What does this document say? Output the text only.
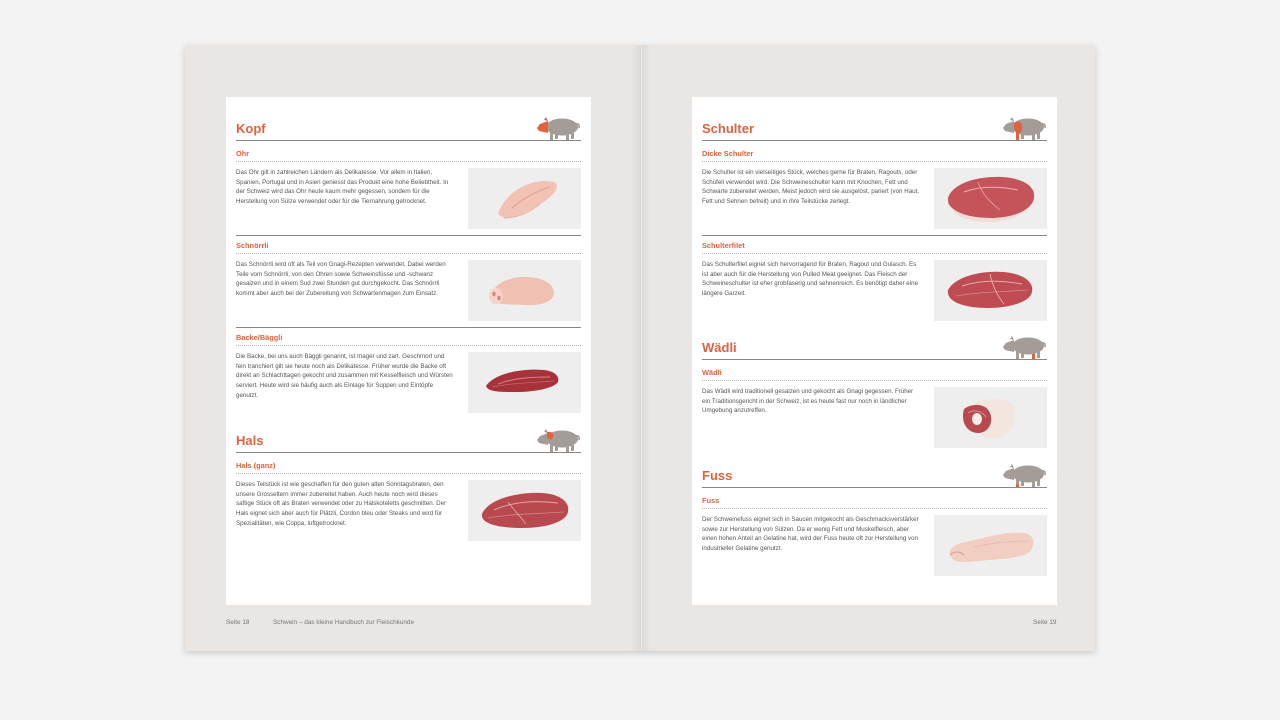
Kopf
Ohr
Das Ohr gilt in zahlreichen Ländern als Delikatesse. Vor allem in Italien, Spanien, Portugal und in Asien geniesst das Produkt eine hohe Beliebtheit. In der Schweiz wird das Ohr heute kaum mehr gegessen, sondern für die Herstellung von Sülze verwendet oder für die Tiernahrung getrocknet.
Schnörrli
Das Schnörrli wird oft als Teil von Gnagi-Rezepten verwendet. Dabei werden Teile vom Schnörrli, von den Ohren sowie Schweinsfüsse und -schwanz gesalzen und in einem Sud zwei Stunden gut durchgekocht. Das Schnörrli kommt aber auch bei der Zubereitung von Schwartenmagen zum Einsatz.
Backe/Bäggli
Die Backe, bei uns auch Bäggli genannt, ist mager und zart. Geschmort und fein tranchiert gilt sie heute noch als Delikatesse. Früher wurde die Backe oft direkt an Schlachttagen gekocht und zusammen mit Kesselfleisch und Würsten serviert. Heute wird sie häufig auch als Einlage für Suppen und Eintöpfe genutzt.
Hals
Hals (ganz)
Dieses Teilstück ist wie geschaffen für den guten alten Sonntagsbraten, den unsere Grosseltern immer zubereitet haben. Auch heute noch wird dieses saftige Stück oft als Braten verwendet oder zu Halskoteletts geschnitten. Der Hals eignet sich aber auch für Plätzli, Cordon bleu oder Steaks und wird für Spezialitäten, wie Coppa, luftgetrocknet.
Schulter
Dicke Schulter
Die Schulter ist ein vielseitiges Stück, welches gerne für Braten, Ragouts, oder Schüfeli verwendet wird. Die Schweineschulter kann mit Knochen, Fett und Schwarte zubereitet werden. Meist jedoch wird sie ausgelöst, pariert (von Haut, Fett und Sehnen befreit) und in ihre Teilstücke zerlegt.
Schulterfilet
Das Schulterfilet eignet sich hervorragend für Braten, Ragout und Gulasch. Es ist aber auch für die Herstellung von Pulled Meat geeignet. Das Fleisch der Schweineschulter ist eher grobfaserig und sehnenreich. Es benötigt daher eine längere Garzeit.
Wädli
Wädli
Das Wädli wird traditionell gesalzen und gekocht als Gnagi gegessen. Früher ein Traditionsgericht in der Schweiz, ist es heute fast nur noch in ländlicher Umgebung anzutreffen.
Fuss
Fuss
Der Schweinefuss eignet sich in Saucen mitgekocht als Geschmacksverstärker sowie zur Herstellung von Sülzen. Da er wenig Fett und Muskelfleisch, aber einen hohen Anteil an Gelatine hat, wird der Fuss heute oft zur Herstellung von industrieller Gelatine genutzt.
Seite 18	Schwein – das kleine Handbuch zur Fleischkunde	Seite 19
